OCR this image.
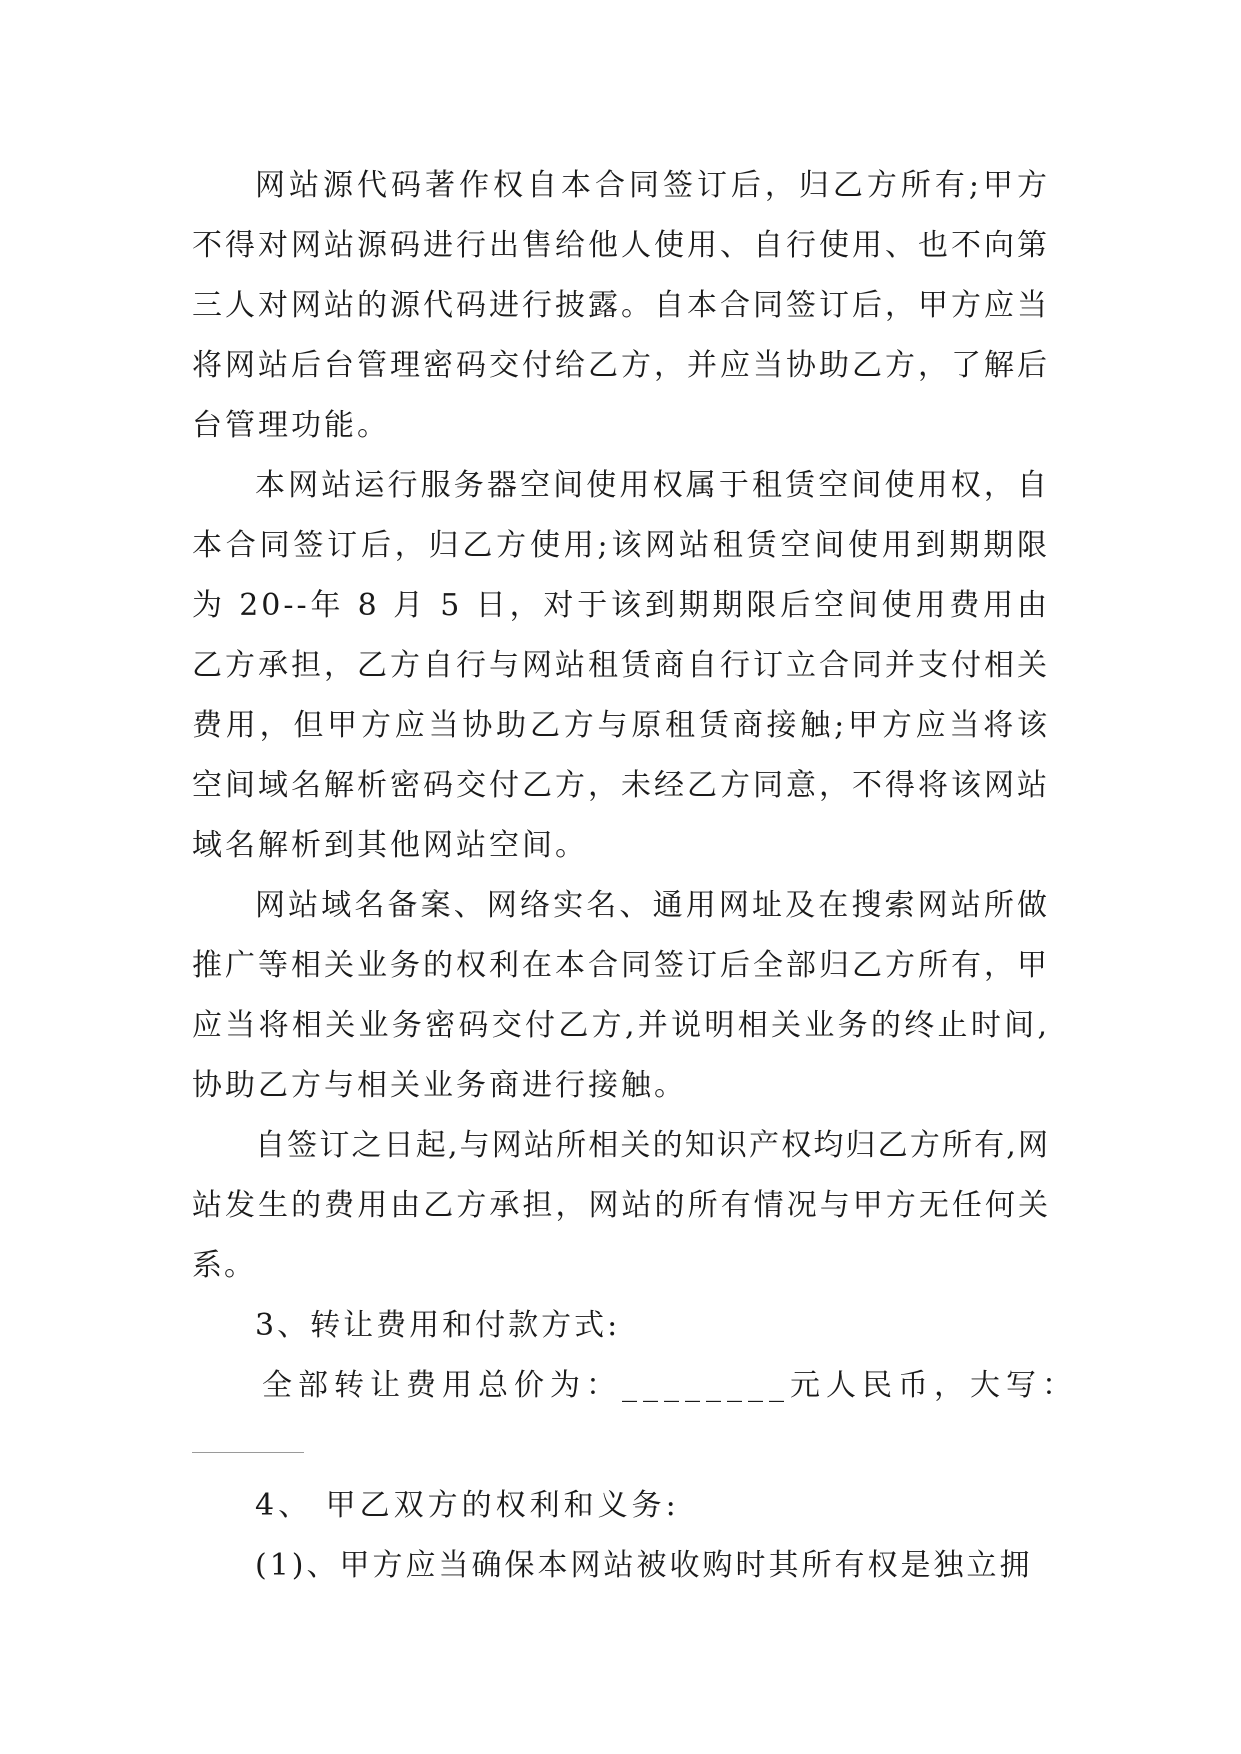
网站源代码著作权自本合同签订后，归乙方所有;甲方不得对网站源码进行出售给他人使用、自行使用、也不向第三人对网站的源代码进行披露。自本合同签订后，甲方应当将网站后台管理密码交付给乙方，并应当协助乙方，了解后台管理功能。

本网站运行服务器空间使用权属于租赁空间使用权，自本合同签订后，归乙方使用;该网站租赁空间使用到期期限为 20--年 8 月 5 日，对于该到期期限后空间使用费用由乙方承担，乙方自行与网站租赁商自行订立合同并支付相关费用，但甲方应当协助乙方与原租赁商接触;甲方应当将该空间域名解析密码交付乙方，未经乙方同意，不得将该网站域名解析到其他网站空间。

网站域名备案、网络实名、通用网址及在搜索网站所做推广等相关业务的权利在本合同签订后全部归乙方所有，甲应当将相关业务密码交付乙方,并说明相关业务的终止时间,协助乙方与相关业务商进行接触。

自签订之日起,与网站所相关的知识产权均归乙方所有,网站发生的费用由乙方承担，网站的所有情况与甲方无任何关系。

3、转让费用和付款方式:

全部转让费用总价为：________元人民币，大写：

4、 甲乙双方的权利和义务:

(1)、甲方应当确保本网站被收购时其所有权是独立拥
